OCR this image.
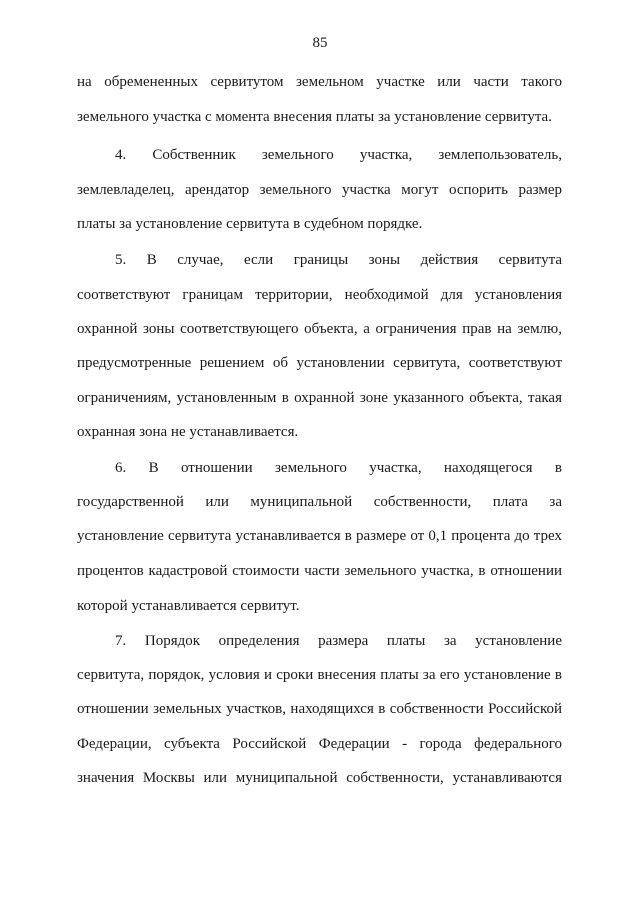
85
на обремененных сервитутом земельном участке или части такого
земельного участка с момента внесения платы за установление сервитута.
4. Собственник земельного участка, землепользователь,
землевладелец, арендатор земельного участка могут оспорить размер
платы за установление сервитута в судебном порядке.
5. В случае, если границы зоны действия сервитута
соответствуют границам территории, необходимой для установления
охранной зоны соответствующего объекта, а ограничения прав на землю,
предусмотренные решением об установлении сервитута, соответствуют
ограничениям, установленным в охранной зоне указанного объекта, такая
охранная зона не устанавливается.
6. В отношении земельного участка, находящегося в
государственной или муниципальной собственности, плата за
установление сервитута устанавливается в размере от 0,1 процента до трех
процентов кадастровой стоимости части земельного участка, в отношении
которой устанавливается сервитут.
7. Порядок определения размера платы за установление
сервитута, порядок, условия и сроки внесения платы за его установление в
отношении земельных участков, находящихся в собственности Российской
Федерации, субъекта Российской Федерации - города федерального
значения Москвы или муниципальной собственности, устанавливаются
